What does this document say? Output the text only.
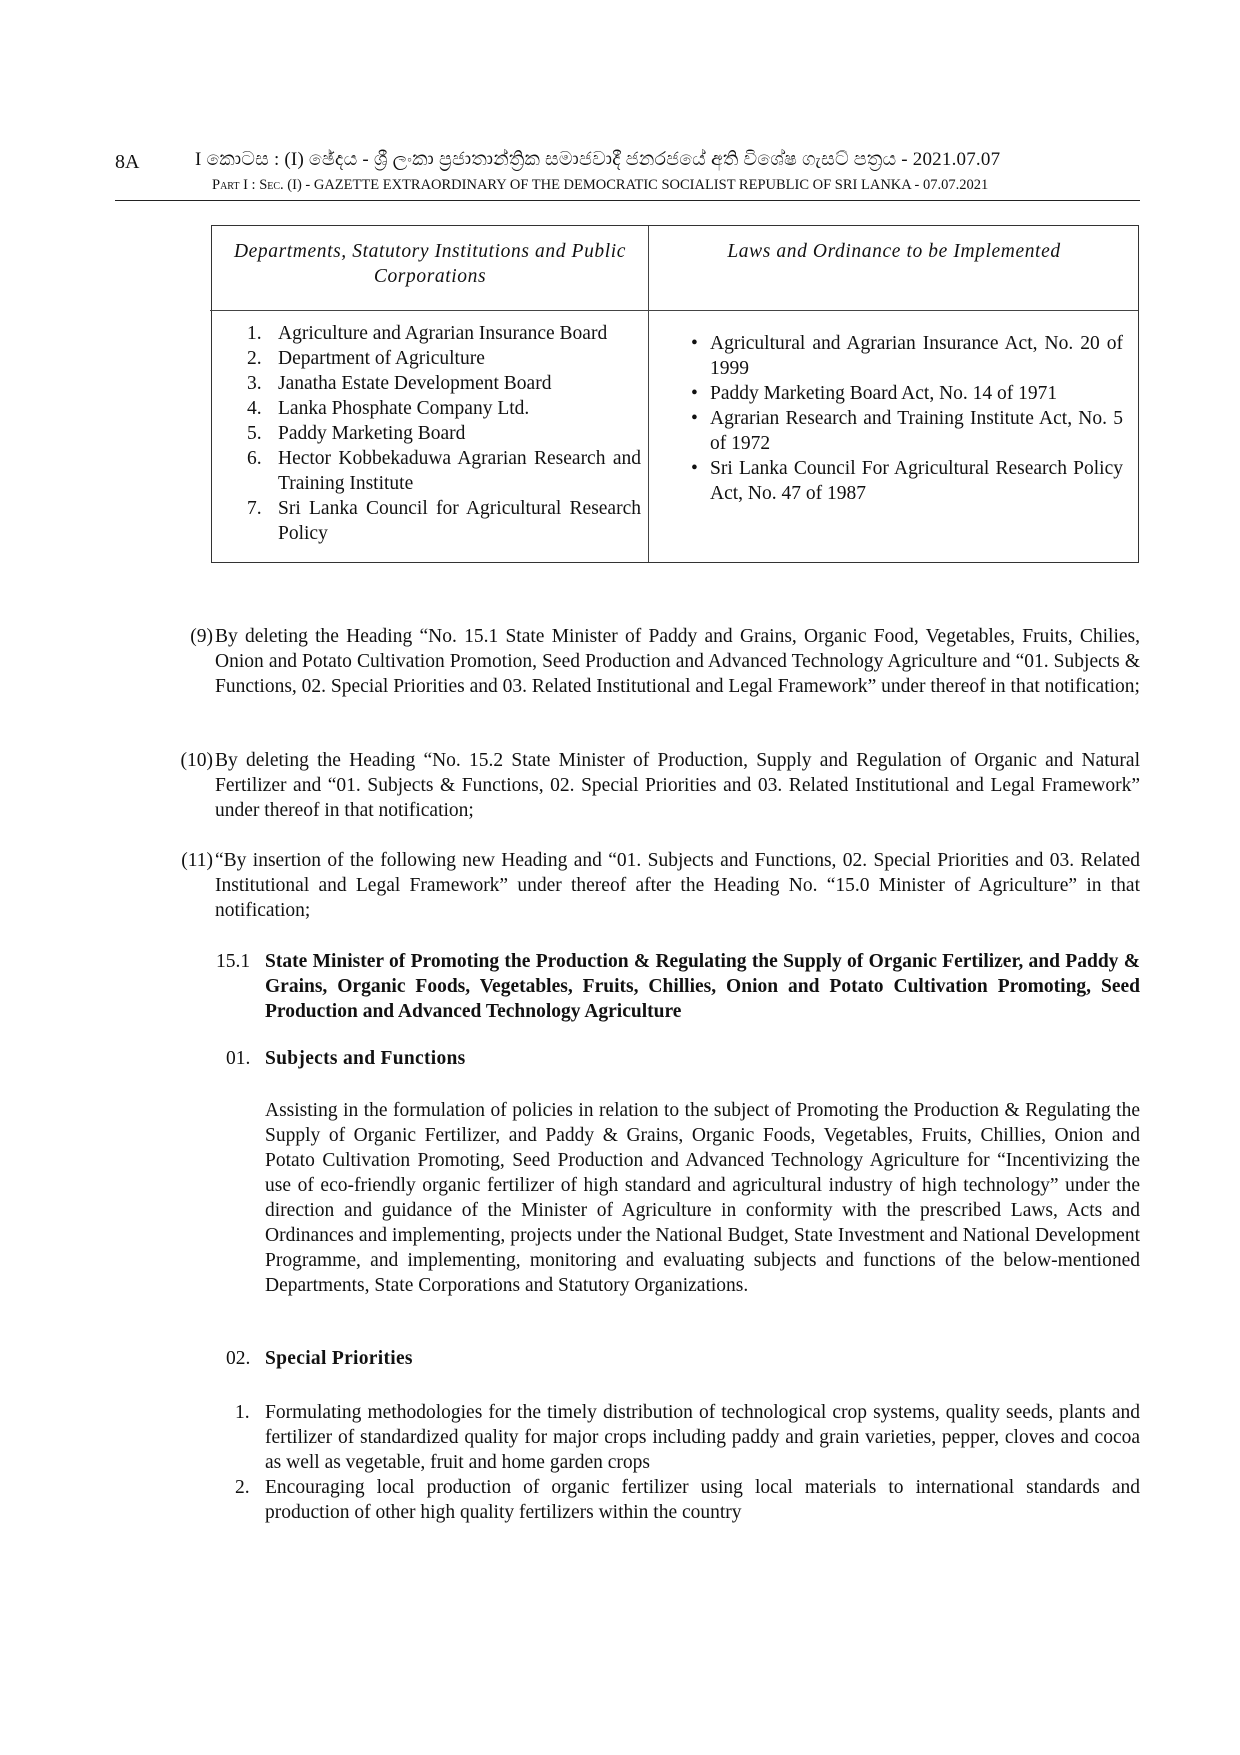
8A	I කොටස : (I) ඡේදය - ශ්‍රී ලංකා ප්‍රජාතාන්ත්‍රික සමාජවාදී ජනරජයේ අති විශේෂ ගැසට් පත්‍රය - 2021.07.07
Part I : Sec. (I) - GAZETTE EXTRAORDINARY OF THE DEMOCRATIC SOCIALIST REPUBLIC OF SRI LANKA - 07.07.2021
Departments, Statutory Institutions and Public Corporations
Laws and Ordinance to be Implemented
1. Agriculture and Agrarian Insurance Board
2. Department of Agriculture
3. Janatha Estate Development Board
4. Lanka Phosphate Company Ltd.
5. Paddy Marketing Board
6. Hector Kobbekaduwa Agrarian Research and Training Institute
7. Sri Lanka Council for Agricultural Research Policy
• Agricultural and Agrarian Insurance Act, No. 20 of 1999
• Paddy Marketing Board Act, No. 14 of 1971
• Agrarian Research and Training Institute Act, No. 5 of 1972
• Sri Lanka Council For Agricultural Research Policy Act, No. 47 of 1987
(9) By deleting the Heading “No. 15.1 State Minister of Paddy and Grains, Organic Food, Vegetables, Fruits, Chilies, Onion and Potato Cultivation Promotion, Seed Production and Advanced Technology Agriculture and “01. Subjects & Functions, 02. Special Priorities and 03. Related Institutional and Legal Framework” under thereof in that notification;
(10) By deleting the Heading “No. 15.2 State Minister of Production, Supply and Regulation of Organic and Natural Fertilizer and “01. Subjects & Functions, 02. Special Priorities and 03. Related Institutional and Legal Framework” under thereof in that notification;
(11) “By insertion of the following new Heading and “01. Subjects and Functions, 02. Special Priorities and 03. Related Institutional and Legal Framework” under thereof after the Heading No. “15.0 Minister of Agriculture” in that notification;
15.1 State Minister of Promoting the Production & Regulating the Supply of Organic Fertilizer, and Paddy & Grains, Organic Foods, Vegetables, Fruits, Chillies, Onion and Potato Cultivation Promoting, Seed Production and Advanced Technology Agriculture
01. Subjects and Functions
Assisting in the formulation of policies in relation to the subject of Promoting the Production & Regulating the Supply of Organic Fertilizer, and Paddy & Grains, Organic Foods, Vegetables, Fruits, Chillies, Onion and Potato Cultivation Promoting, Seed Production and Advanced Technology Agriculture for “Incentivizing the use of eco-friendly organic fertilizer of high standard and agricultural industry of high technology” under the direction and guidance of the Minister of Agriculture in conformity with the prescribed Laws, Acts and Ordinances and implementing, projects under the National Budget, State Investment and National Development Programme, and implementing, monitoring and evaluating subjects and functions of the below-mentioned Departments, State Corporations and Statutory Organizations.
02. Special Priorities
1. Formulating methodologies for the timely distribution of technological crop systems, quality seeds, plants and fertilizer of standardized quality for major crops including paddy and grain varieties, pepper, cloves and cocoa as well as vegetable, fruit and home garden crops
2. Encouraging local production of organic fertilizer using local materials to international standards and production of other high quality fertilizers within the country
